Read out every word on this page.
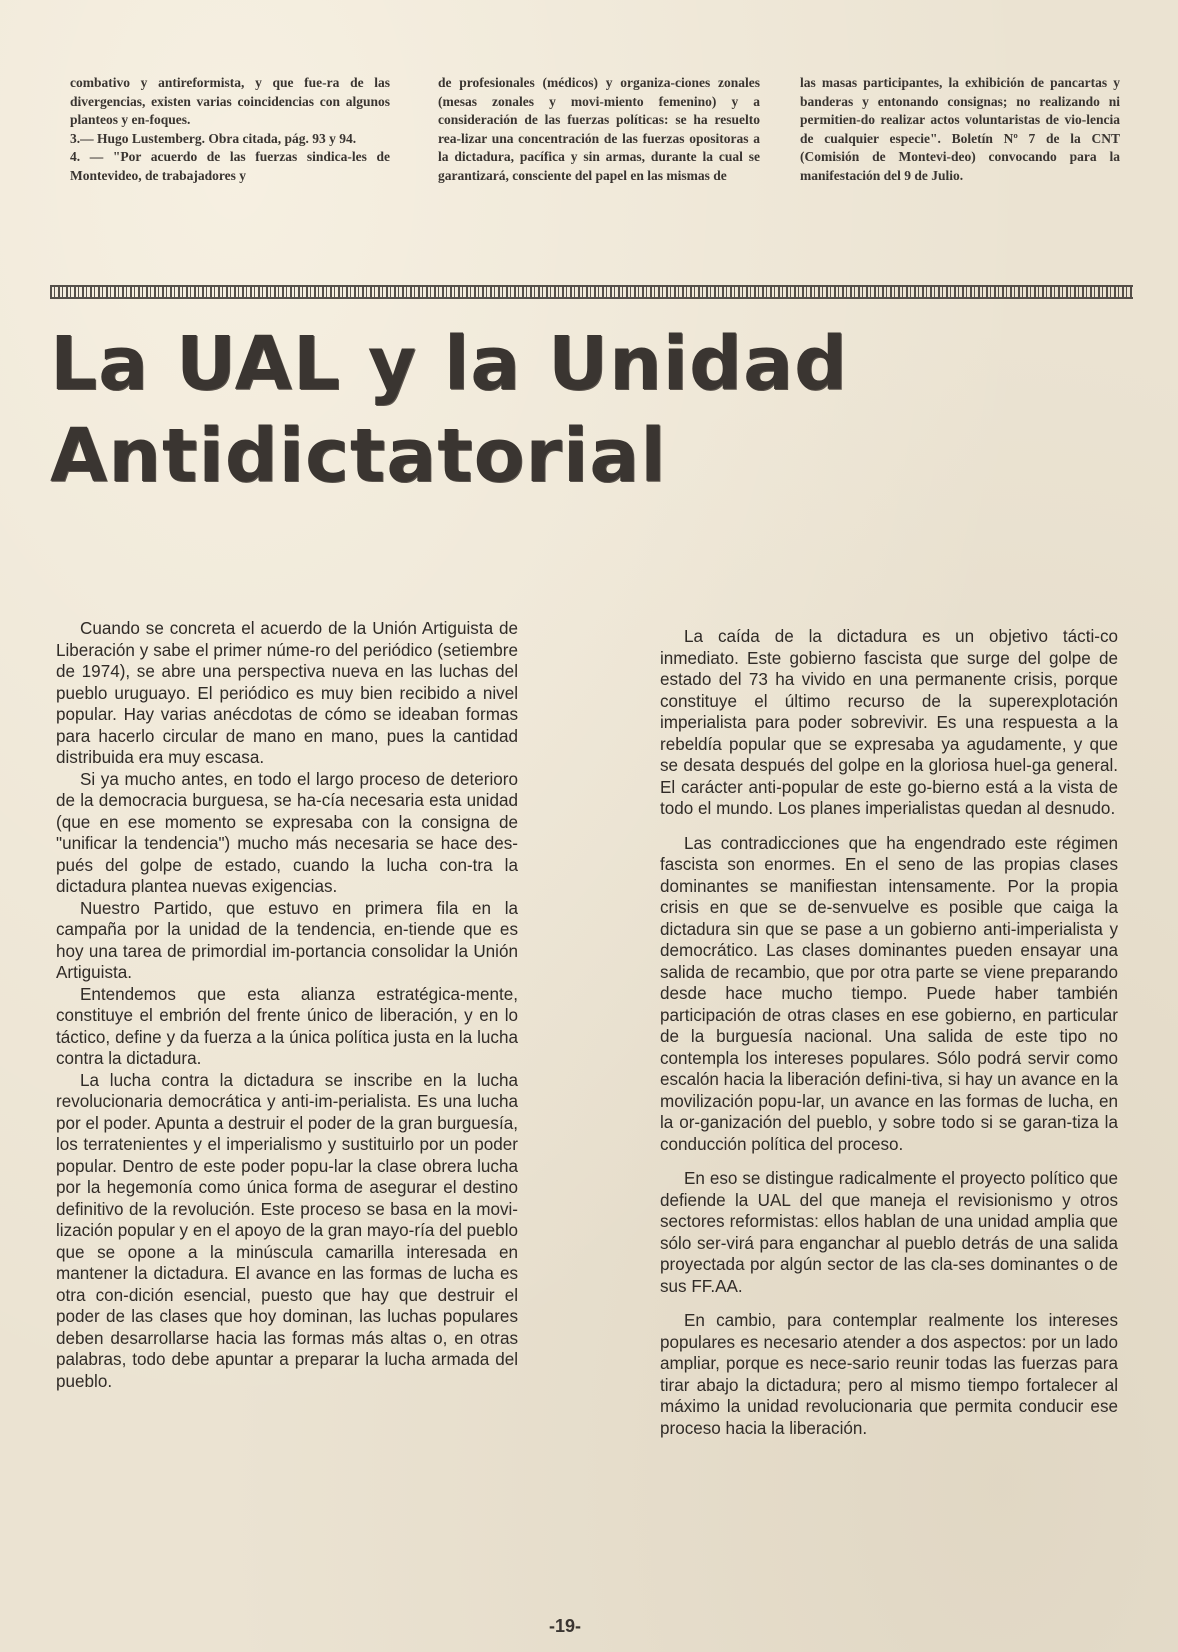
combativo y antireformista, y que fue-ra de las divergencias, existen varias coincidencias con algunos planteos y en-foques.

3.— Hugo Lustemberg. Obra citada, pág. 93 y 94.

4. — "Por acuerdo de las fuerzas sindica-les de Montevideo, de trabajadores y

de profesionales (médicos) y organiza-ciones zonales (mesas zonales y movi-miento femenino) y a consideración de las fuerzas políticas: se ha resuelto rea-lizar una concentración de las fuerzas opositoras a la dictadura, pacífica y sin armas, durante la cual se garantizará, consciente del papel en las mismas de

las masas participantes, la exhibición de pancartas y banderas y entonando consignas; no realizando ni permitien-do realizar actos voluntaristas de vio-lencia de cualquier especie". Boletín Nº 7 de la CNT (Comisión de Montevi-deo) convocando para la manifestación del 9 de Julio.

La UAL y la Unidad
Antidictatorial

Cuando se concreta el acuerdo de la Unión Artiguista de Liberación y sabe el primer núme-ro del periódico (setiembre de 1974), se abre una perspectiva nueva en las luchas del pueblo uruguayo. El periódico es muy bien recibido a nivel popular. Hay varias anécdotas de cómo se ideaban formas para hacerlo circular de mano en mano, pues la cantidad distribuida era muy escasa.

Si ya mucho antes, en todo el largo proceso de deterioro de la democracia burguesa, se ha-cía necesaria esta unidad (que en ese momento se expresaba con la consigna de "unificar la tendencia") mucho más necesaria se hace des-pués del golpe de estado, cuando la lucha con-tra la dictadura plantea nuevas exigencias.

Nuestro Partido, que estuvo en primera fila en la campaña por la unidad de la tendencia, en-tiende que es hoy una tarea de primordial im-portancia consolidar la Unión Artiguista.

Entendemos que esta alianza estratégica-mente, constituye el embrión del frente único de liberación, y en lo táctico, define y da fuerza a la única política justa en la lucha contra la dictadura.

La lucha contra la dictadura se inscribe en la lucha revolucionaria democrática y anti-im-perialista. Es una lucha por el poder. Apunta a destruir el poder de la gran burguesía, los terratenientes y el imperialismo y sustituirlo por un poder popular. Dentro de este poder popu-lar la clase obrera lucha por la hegemonía como única forma de asegurar el destino definitivo de la revolución. Este proceso se basa en la movi-lización popular y en el apoyo de la gran mayo-ría del pueblo que se opone a la minúscula camarilla interesada en mantener la dictadura. El avance en las formas de lucha es otra con-dición esencial, puesto que hay que destruir el poder de las clases que hoy dominan, las luchas populares deben desarrollarse hacia las formas más altas o, en otras palabras, todo debe apuntar a preparar la lucha armada del pueblo.

La caída de la dictadura es un objetivo tácti-co inmediato. Este gobierno fascista que surge del golpe de estado del 73 ha vivido en una permanente crisis, porque constituye el último recurso de la superexplotación imperialista para poder sobrevivir. Es una respuesta a la rebeldía popular que se expresaba ya agudamente, y que se desata después del golpe en la gloriosa huel-ga general. El carácter anti-popular de este go-bierno está a la vista de todo el mundo. Los planes imperialistas quedan al desnudo.

Las contradicciones que ha engendrado este régimen fascista son enormes. En el seno de las propias clases dominantes se manifiestan intensamente. Por la propia crisis en que se de-senvuelve es posible que caiga la dictadura sin que se pase a un gobierno anti-imperialista y democrático. Las clases dominantes pueden ensayar una salida de recambio, que por otra parte se viene preparando desde hace mucho tiempo. Puede haber también participación de otras clases en ese gobierno, en particular de la burguesía nacional. Una salida de este tipo no contempla los intereses populares. Sólo podrá servir como escalón hacia la liberación defini-tiva, si hay un avance en la movilización popu-lar, un avance en las formas de lucha, en la or-ganización del pueblo, y sobre todo si se garan-tiza la conducción política del proceso.

En eso se distingue radicalmente el proyecto político que defiende la UAL del que maneja el revisionismo y otros sectores reformistas: ellos hablan de una unidad amplia que sólo ser-virá para enganchar al pueblo detrás de una salida proyectada por algún sector de las cla-ses dominantes o de sus FF.AA.

En cambio, para contemplar realmente los intereses populares es necesario atender a dos aspectos: por un lado ampliar, porque es nece-sario reunir todas las fuerzas para tirar abajo la dictadura; pero al mismo tiempo fortalecer al máximo la unidad revolucionaria que permita conducir ese proceso hacia la liberación.

-19-
